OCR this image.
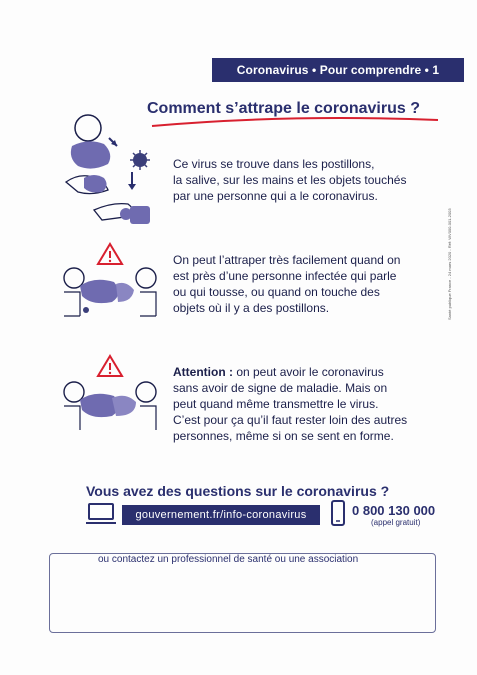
Coronavirus • Pour comprendre • 1
Comment s’attrape le coronavirus ?
Ce virus se trouve dans les postillons,
la salive, sur les mains et les objets touchés
par une personne qui a le coronavirus.
On peut l’attraper très facilement quand on
est près d’une personne infectée qui parle
ou qui tousse, ou quand on touche des
objets où il y a des postillons.
Attention : on peut avoir le coronavirus
sans avoir de signe de maladie. Mais on
peut quand même transmettre le virus.
C’est pour ça qu’il faut rester loin des autres
personnes, même si on se sent en forme.
Santé publique France - 24 mars 2020 - Réf: WV000-001-2003
Vous avez des questions sur le coronavirus ?
gouvernement.fr/info-coronavirus	0 800 130 000
(appel gratuit)
ou contactez un professionnel de santé ou une association
